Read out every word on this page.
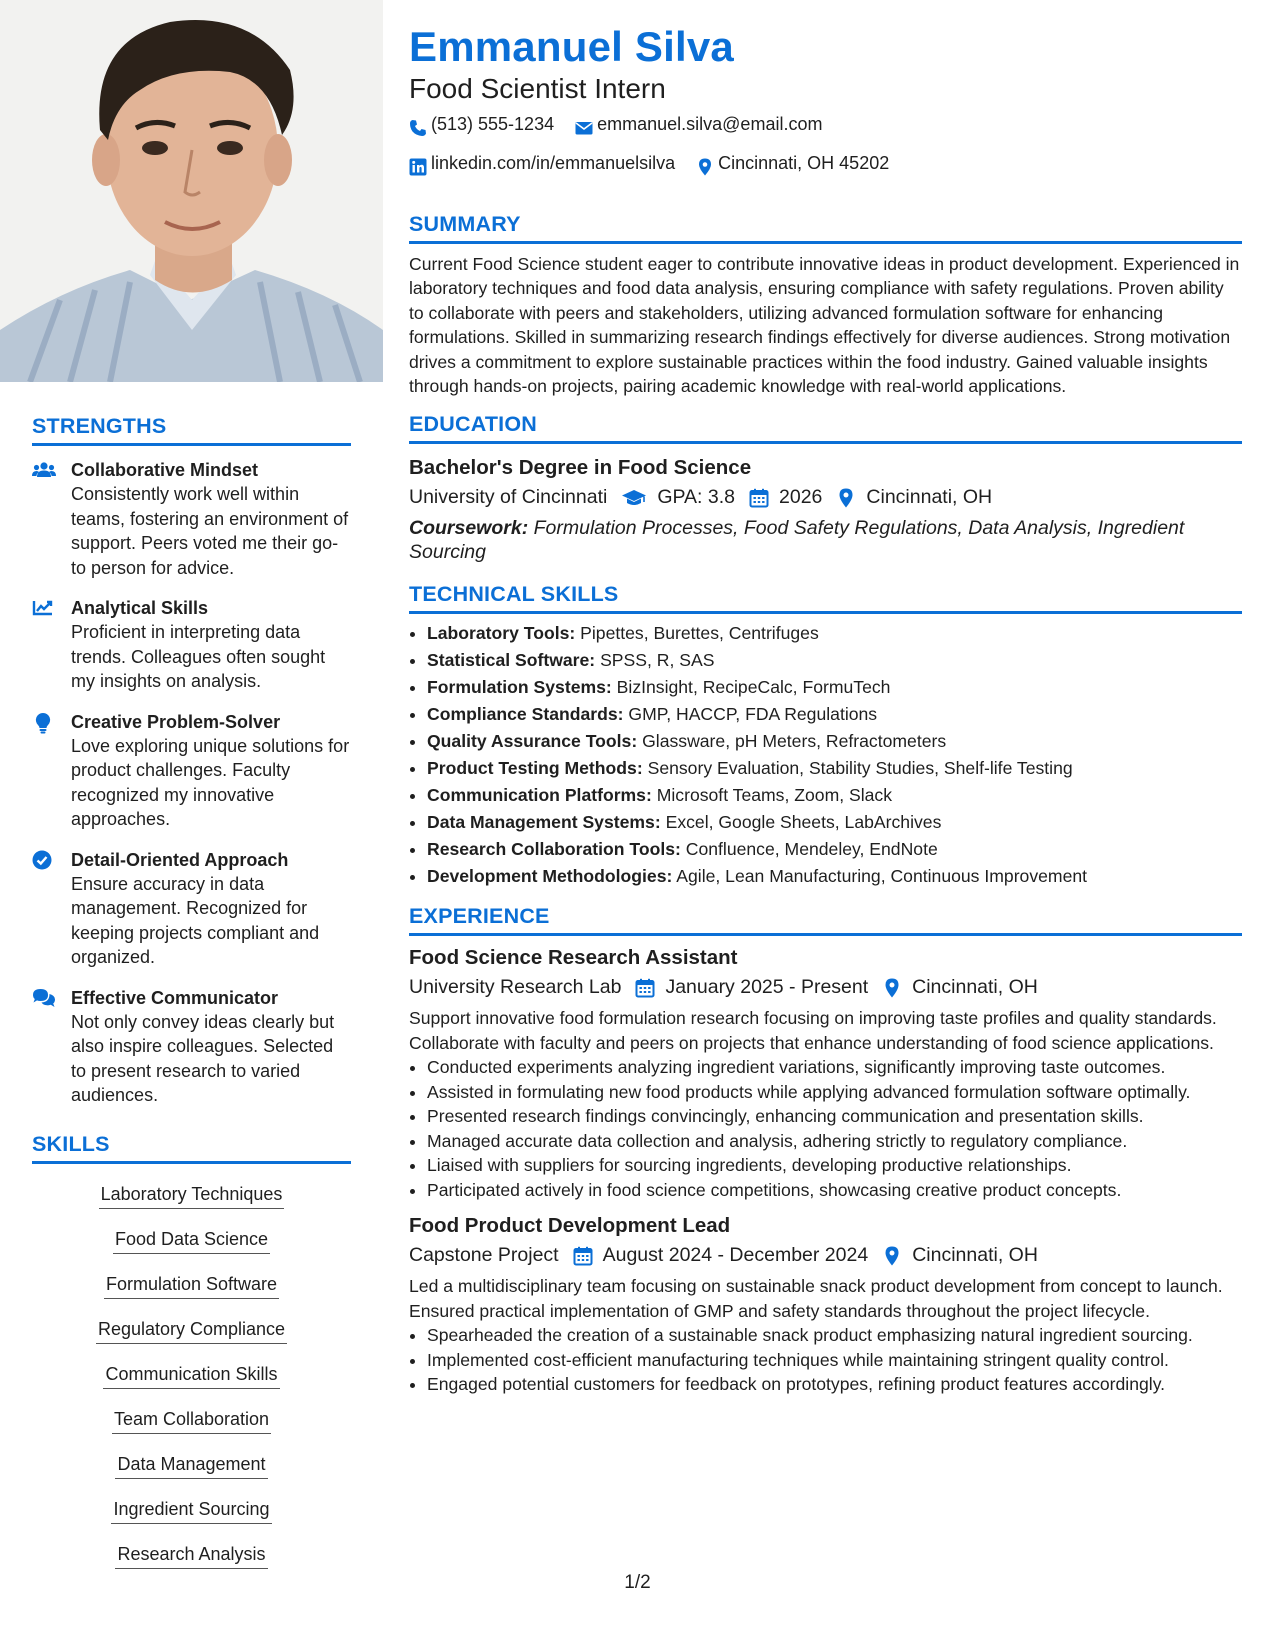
STRENGTHS
Collaborative Mindset
Consistently work well within teams, fostering an environment of support. Peers voted me their go-to person for advice.
Analytical Skills
Proficient in interpreting data trends. Colleagues often sought my insights on analysis.
Creative Problem-Solver
Love exploring unique solutions for product challenges. Faculty recognized my innovative approaches.
Detail-Oriented Approach
Ensure accuracy in data management. Recognized for keeping projects compliant and organized.
Effective Communicator
Not only convey ideas clearly but also inspire colleagues. Selected to present research to varied audiences.
SKILLS
Laboratory Techniques
Food Data Science
Formulation Software
Regulatory Compliance
Communication Skills
Team Collaboration
Data Management
Ingredient Sourcing
Research Analysis
Emmanuel Silva
Food Scientist Intern
(513) 555-1234
emmanuel.silva@email.com
linkedin.com/in/emmanuelsilva
Cincinnati, OH 45202
SUMMARY
Current Food Science student eager to contribute innovative ideas in product development. Experienced in laboratory techniques and food data analysis, ensuring compliance with safety regulations. Proven ability to collaborate with peers and stakeholders, utilizing advanced formulation software for enhancing formulations. Skilled in summarizing research findings effectively for diverse audiences. Strong motivation drives a commitment to explore sustainable practices within the food industry. Gained valuable insights through hands-on projects, pairing academic knowledge with real-world applications.
EDUCATION
Bachelor's Degree in Food Science
University of Cincinnati	GPA: 3.8 2026 Cincinnati, OH
Coursework: Formulation Processes, Food Safety Regulations, Data Analysis, Ingredient Sourcing
TECHNICAL SKILLS
• Laboratory Tools: Pipettes, Burettes, Centrifuges
• Statistical Software: SPSS, R, SAS
• Formulation Systems: BizInsight, RecipeCalc, FormuTech
• Compliance Standards: GMP, HACCP, FDA Regulations
• Quality Assurance Tools: Glassware, pH Meters, Refractometers
• Product Testing Methods: Sensory Evaluation, Stability Studies, Shelf-life Testing
• Communication Platforms: Microsoft Teams, Zoom, Slack
• Data Management Systems: Excel, Google Sheets, LabArchives
• Research Collaboration Tools: Confluence, Mendeley, EndNote
• Development Methodologies: Agile, Lean Manufacturing, Continuous Improvement
EXPERIENCE
Food Science Research Assistant
University Research Lab January 2025 - Present Cincinnati, OH
Support innovative food formulation research focusing on improving taste profiles and quality standards. Collaborate with faculty and peers on projects that enhance understanding of food science applications.
• Conducted experiments analyzing ingredient variations, significantly improving taste outcomes.
• Assisted in formulating new food products while applying advanced formulation software optimally.
• Presented research findings convincingly, enhancing communication and presentation skills.
• Managed accurate data collection and analysis, adhering strictly to regulatory compliance.
• Liaised with suppliers for sourcing ingredients, developing productive relationships.
• Participated actively in food science competitions, showcasing creative product concepts.
Food Product Development Lead
Capstone Project August 2024 - December 2024 Cincinnati, OH
Led a multidisciplinary team focusing on sustainable snack product development from concept to launch. Ensured practical implementation of GMP and safety standards throughout the project lifecycle.
• Spearheaded the creation of a sustainable snack product emphasizing natural ingredient sourcing.
• Implemented cost-efficient manufacturing techniques while maintaining stringent quality control.
• Engaged potential customers for feedback on prototypes, refining product features accordingly.
1/2
